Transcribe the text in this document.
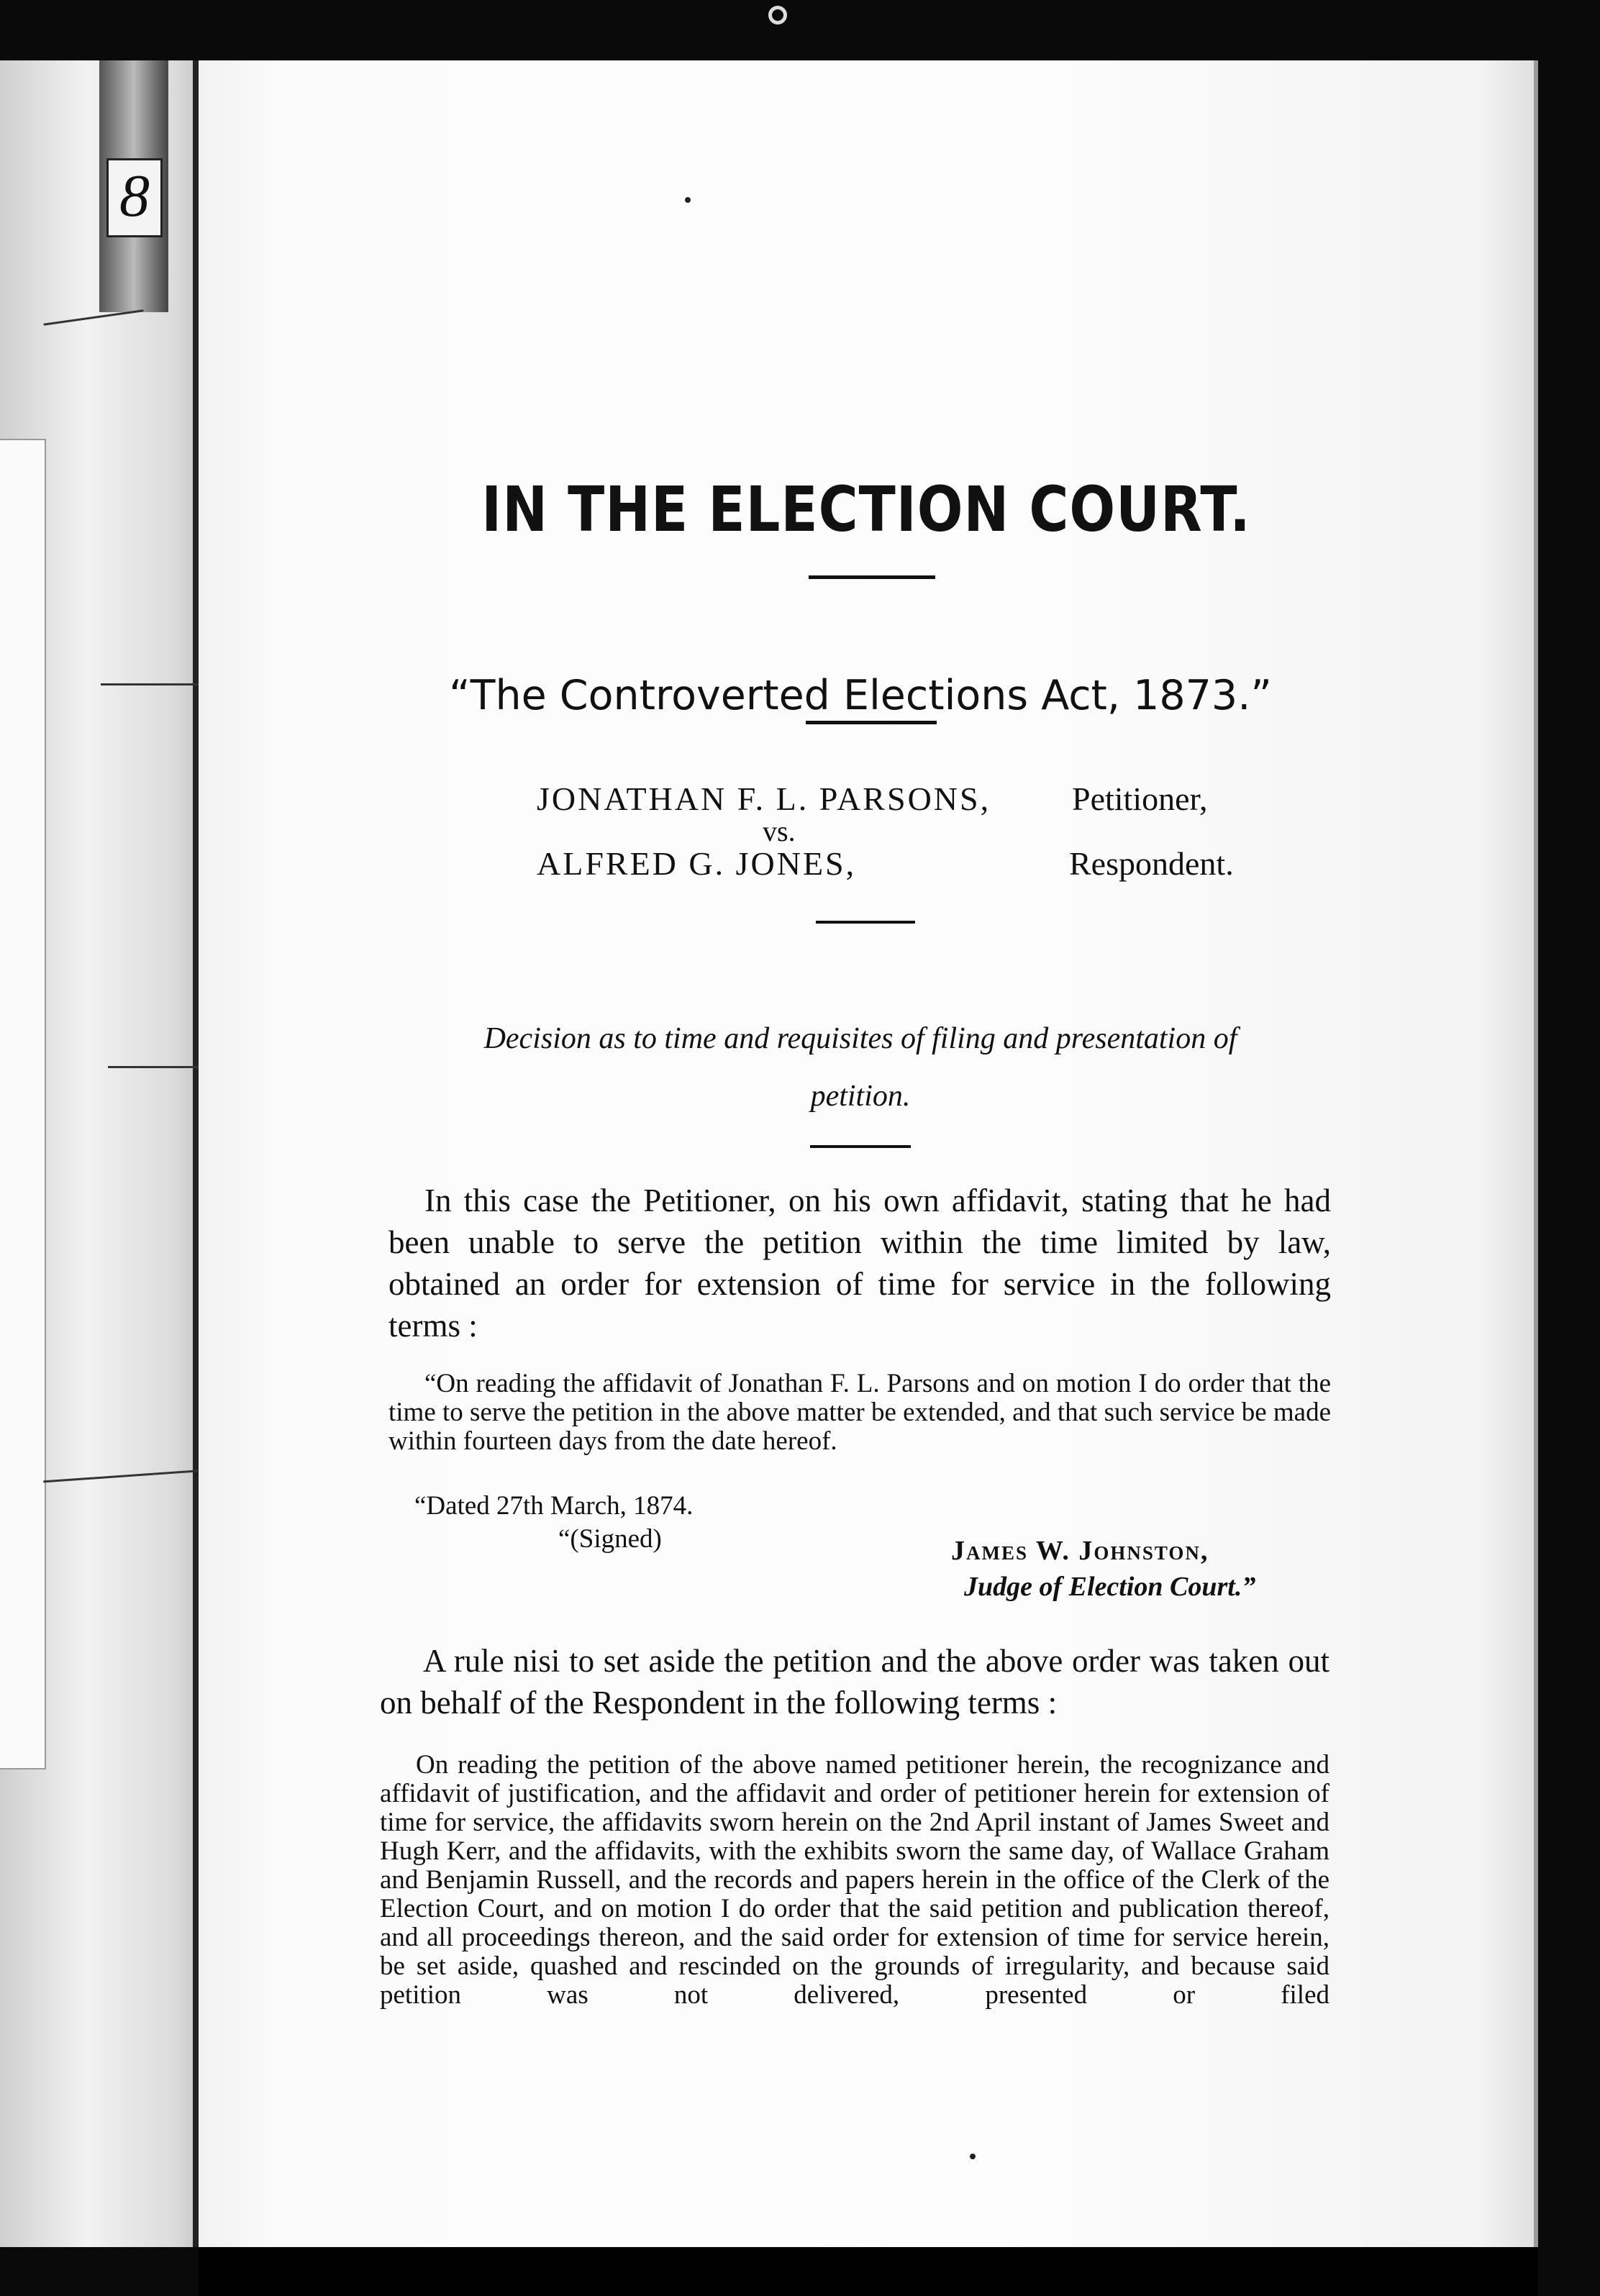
8
IN THE ELECTION COURT.
“The Controverted Elections Act, 1873.”
JONATHAN F. L. PARSONS, Petitioner,
vs.
ALFRED G. JONES,	Respondent.
Decision as to time and requisites of filing and presentation of
petition.
In this case the Petitioner, on his own affidavit, stating that he had been unable to serve the petition within the time limited by law, obtained an order for extension of time for service in the following terms :
“On reading the affidavit of Jonathan F. L. Parsons and on motion I do order that the time to serve the petition in the above matter be extended, and that such service be made within fourteen days from the date hereof.
“Dated 27th March, 1874.
“(Signed)	James W. Johnston,
Judge of Election Court.”
A rule nisi to set aside the petition and the above order was taken out on behalf of the Respondent in the following terms :
On reading the petition of the above named petitioner herein, the recognizance and affidavit of justification, and the affidavit and order of petitioner herein for extension of time for service, the affidavits sworn herein on the 2nd April instant of James Sweet and Hugh Kerr, and the affidavits, with the exhibits sworn the same day, of Wallace Graham and Benjamin Russell, and the records and papers herein in the office of the Clerk of the Election Court, and on motion I do order that the said petition and publication thereof, and all proceedings thereon, and the said order for extension of time for service herein, be set aside, quashed and rescinded on the grounds of irregularity, and because said petition was not delivered, presented or filed
